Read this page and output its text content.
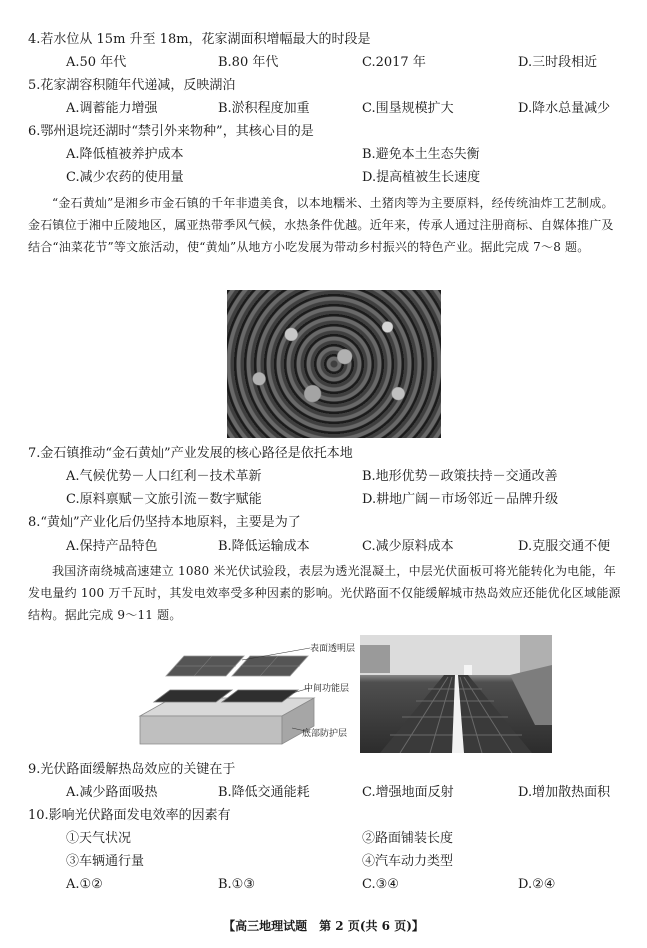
4.若水位从 15m 升至 18m，花家湖面积增幅最大的时段是
A.50 年代	B.80 年代	C.2017 年	D.三时段相近
5.花家湖容积随年代递减，反映湖泊
A.调蓄能力增强	B.淤积程度加重	C.围垦规模扩大	D.降水总量减少
6.鄂州退垸还湖时“禁引外来物种”，其核心目的是
A.降低植被养护成本	B.避免本土生态失衡
C.减少农药的使用量	D.提高植被生长速度
“金石黄灿”是湘乡市金石镇的千年非遗美食，以本地糯米、土猪肉等为主要原料，经传统油炸工艺制成。金石镇位于湘中丘陵地区，属亚热带季风气候，水热条件优越。近年来，传承人通过注册商标、自媒体推广及结合“油菜花节”等文旅活动，使“黄灿”从地方小吃发展为带动乡村振兴的特色产业。据此完成 7～8 题。
7.金石镇推动“金石黄灿”产业发展的核心路径是依托本地
A.气候优势－人口红利－技术革新	B.地形优势－政策扶持－交通改善
C.原料禀赋－文旅引流－数字赋能	D.耕地广阔－市场邻近－品牌升级
8.“黄灿”产业化后仍坚持本地原料，主要是为了
A.保持产品特色	B.降低运输成本	C.减少原料成本	D.克服交通不便
我国济南绕城高速建立 1080 米光伏试验段，表层为透光混凝土，中层光伏面板可将光能转化为电能，年发电量约 100 万千瓦时，其发电效率受多种因素的影响。光伏路面不仅能缓解城市热岛效应还能优化区域能源结构。据此完成 9～11 题。
表面透明层
中间功能层
底部防护层
9.光伏路面缓解热岛效应的关键在于
A.减少路面吸热	B.降低交通能耗	C.增强地面反射	D.增加散热面积
10.影响光伏路面发电效率的因素有
①天气状况	②路面铺装长度
③车辆通行量	④汽车动力类型
A.①②	B.①③	C.③④	D.②④
【高三地理试题　第 2 页(共 6 页)】
